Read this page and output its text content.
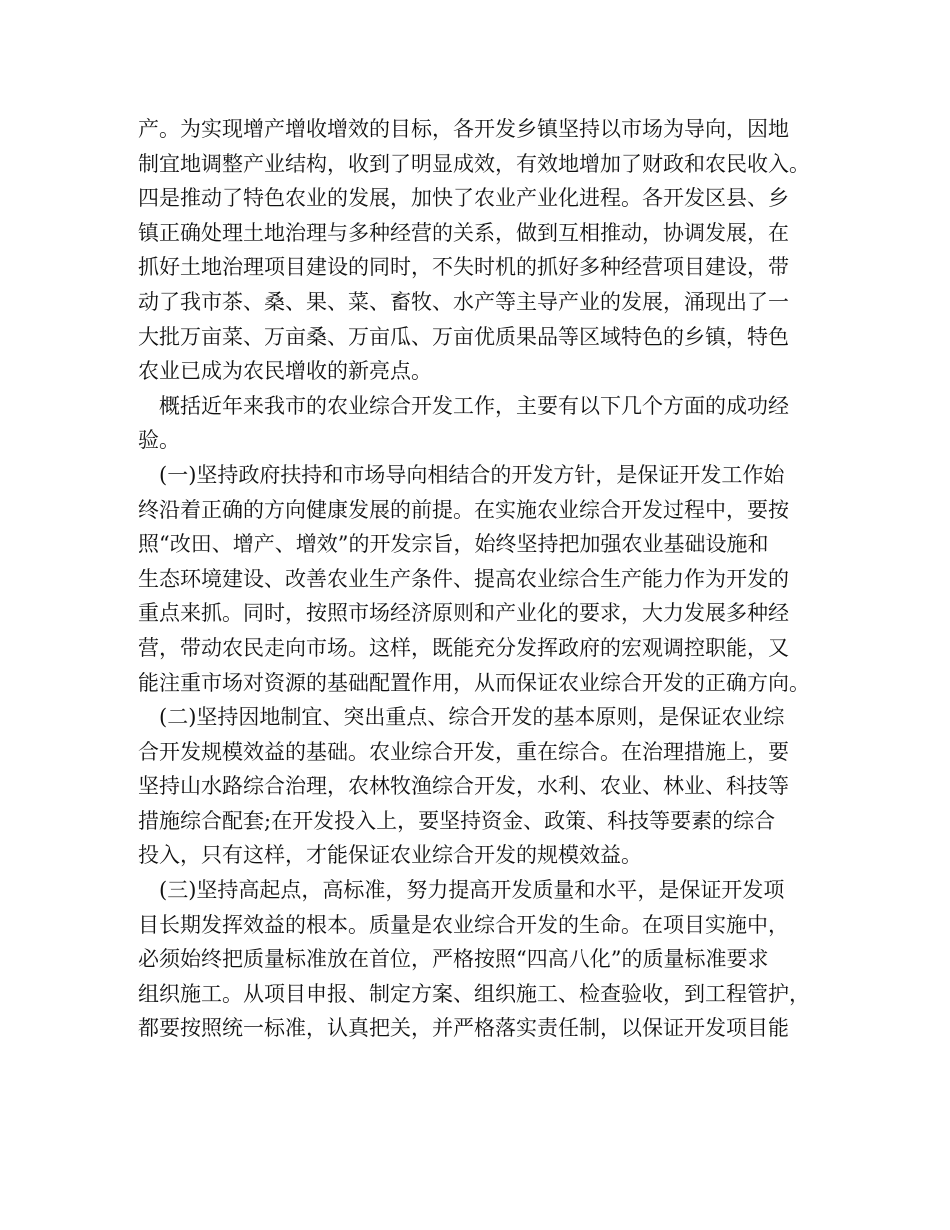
产。为实现增产增收增效的目标，各开发乡镇坚持以市场为导向，因地
制宜地调整产业结构，收到了明显成效，有效地增加了财政和农民收入。
四是推动了特色农业的发展，加快了农业产业化进程。各开发区县、乡
镇正确处理土地治理与多种经营的关系，做到互相推动，协调发展，在
抓好土地治理项目建设的同时，不失时机的抓好多种经营项目建设，带
动了我市茶、桑、果、菜、畜牧、水产等主导产业的发展，涌现出了一
大批万亩菜、万亩桑、万亩瓜、万亩优质果品等区域特色的乡镇，特色
农业已成为农民增收的新亮点。
概括近年来我市的农业综合开发工作，主要有以下几个方面的成功经
验。
(一)坚持政府扶持和市场导向相结合的开发方针，是保证开发工作始
终沿着正确的方向健康发展的前提。在实施农业综合开发过程中，要按
照“改田、增产、增效”的开发宗旨，始终坚持把加强农业基础设施和
生态环境建设、改善农业生产条件、提高农业综合生产能力作为开发的
重点来抓。同时，按照市场经济原则和产业化的要求，大力发展多种经
营，带动农民走向市场。这样，既能充分发挥政府的宏观调控职能，又
能注重市场对资源的基础配置作用，从而保证农业综合开发的正确方向。
(二)坚持因地制宜、突出重点、综合开发的基本原则，是保证农业综
合开发规模效益的基础。农业综合开发，重在综合。在治理措施上，要
坚持山水路综合治理，农林牧渔综合开发，水利、农业、林业、科技等
措施综合配套;在开发投入上，要坚持资金、政策、科技等要素的综合
投入，只有这样，才能保证农业综合开发的规模效益。
(三)坚持高起点，高标准，努力提高开发质量和水平，是保证开发项
目长期发挥效益的根本。质量是农业综合开发的生命。在项目实施中，
必须始终把质量标准放在首位，严格按照“四高八化”的质量标准要求
组织施工。从项目申报、制定方案、组织施工、检查验收，到工程管护，
都要按照统一标准，认真把关，并严格落实责任制，以保证开发项目能
